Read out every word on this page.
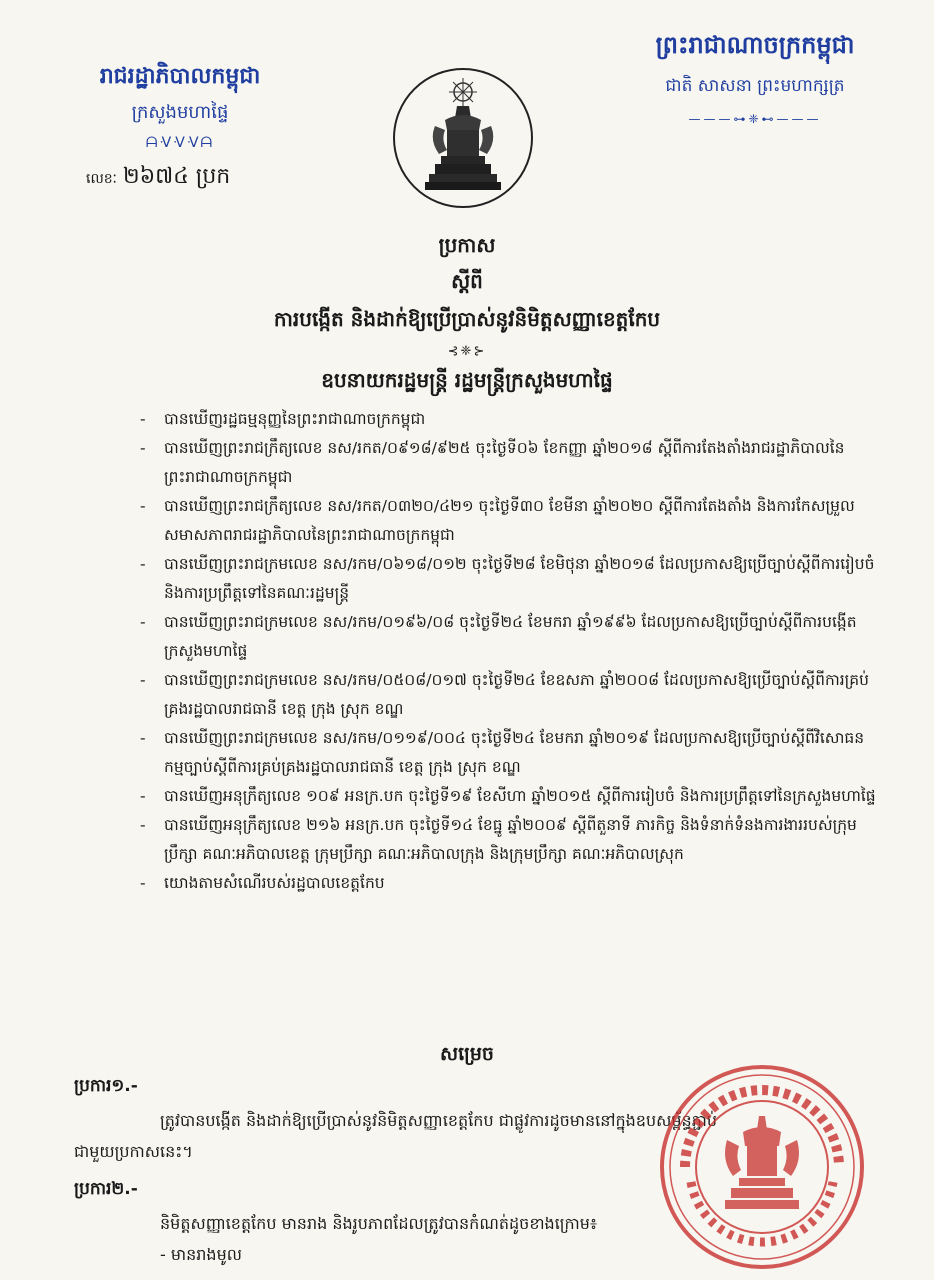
រាជរដ្ឋាភិបាលកម្ពុជា
ក្រសួងមហាផ្ទៃ
ᗩᐺᐺᐺᗩ
លេខៈ ២៦៧៤ ប្រក
ព្រះរាជាណាចក្រកម្ពុជា
ជាតិ សាសនា ព្រះមហាក្សត្រ
———⊶❈⊷———
ប្រកាស
ស្តីពី
ការបង្កើត និងដាក់ឱ្យប្រើប្រាស់នូវនិមិត្តសញ្ញាខេត្តកែប
⊰❈⊱
ឧបនាយករដ្ឋមន្ត្រី រដ្ឋមន្ត្រីក្រសួងមហាផ្ទៃ
-	បានឃើញរដ្ឋធម្មនុញ្ញនៃព្រះរាជាណាចក្រកម្ពុជា
-	បានឃើញព្រះរាជក្រឹត្យលេខ នស/រកត/០៩១៨/៩២៥ ចុះថ្ងៃទី០៦ ខែកញ្ញា ឆ្នាំ២០១៨ ស្តីពីការតែងតាំងរាជរដ្ឋាភិបាលនៃព្រះរាជាណាចក្រកម្ពុជា
-	បានឃើញព្រះរាជក្រឹត្យលេខ នស/រកត/០៣២០/៤២១ ចុះថ្ងៃទី៣០ ខែមីនា ឆ្នាំ២០២០ ស្តីពីការតែងតាំង និងការកែសម្រួលសមាសភាពរាជរដ្ឋាភិបាលនៃព្រះរាជាណាចក្រកម្ពុជា
-	បានឃើញព្រះរាជក្រមលេខ នស/រកម/០៦១៨/០១២ ចុះថ្ងៃទី២៨ ខែមិថុនា ឆ្នាំ២០១៨ ដែលប្រកាសឱ្យប្រើច្បាប់ស្តីពីការរៀបចំ និងការប្រព្រឹត្តទៅនៃគណៈរដ្ឋមន្ត្រី
-	បានឃើញព្រះរាជក្រមលេខ នស/រកម/០១៩៦/០៨ ចុះថ្ងៃទី២៤ ខែមករា ឆ្នាំ១៩៩៦ ដែលប្រកាសឱ្យប្រើច្បាប់ស្តីពីការបង្កើតក្រសួងមហាផ្ទៃ
-	បានឃើញព្រះរាជក្រមលេខ នស/រកម/០៥០៨/០១៧ ចុះថ្ងៃទី២៤ ខែឧសភា ឆ្នាំ២០០៨ ដែលប្រកាសឱ្យប្រើច្បាប់ស្តីពីការគ្រប់គ្រងរដ្ឋបាលរាជធានី ខេត្ត ក្រុង ស្រុក ខណ្ឌ
-	បានឃើញព្រះរាជក្រមលេខ នស/រកម/០១១៩/០០៤ ចុះថ្ងៃទី២៤ ខែមករា ឆ្នាំ២០១៩ ដែលប្រកាសឱ្យប្រើច្បាប់ស្តីពីវិសោធនកម្មច្បាប់ស្តីពីការគ្រប់គ្រងរដ្ឋបាលរាជធានី ខេត្ត ក្រុង ស្រុក ខណ្ឌ
-	បានឃើញអនុក្រឹត្យលេខ ១០៩ អនក្រ.បក ចុះថ្ងៃទី១៩ ខែសីហា ឆ្នាំ២០១៥ ស្តីពីការរៀបចំ និងការប្រព្រឹត្តទៅនៃក្រសួងមហាផ្ទៃ
-	បានឃើញអនុក្រឹត្យលេខ ២១៦ អនក្រ.បក ចុះថ្ងៃទី១៤ ខែធ្នូ ឆ្នាំ២០០៩ ស្តីពីតួនាទី ភារកិច្ច និងទំនាក់ទំនងការងាររបស់ក្រុមប្រឹក្សា គណៈអភិបាលខេត្ត ក្រុមប្រឹក្សា គណៈអភិបាលក្រុង និងក្រុមប្រឹក្សា គណៈអភិបាលស្រុក
-	យោងតាមសំណើរបស់រដ្ឋបាលខេត្តកែប
សម្រេច
ប្រការ១.-
ត្រូវបានបង្កើត និងដាក់ឱ្យប្រើប្រាស់នូវនិមិត្តសញ្ញាខេត្តកែប ជាផ្លូវការដូចមាននៅក្នុងឧបសម្ព័ន្ធភ្ជាប់
ជាមួយប្រកាសនេះ។
ប្រការ២.-
និមិត្តសញ្ញាខេត្តកែប មានរាង និងរូបភាពដែលត្រូវបានកំណត់ដូចខាងក្រោម៖
- មានរាងមូល
